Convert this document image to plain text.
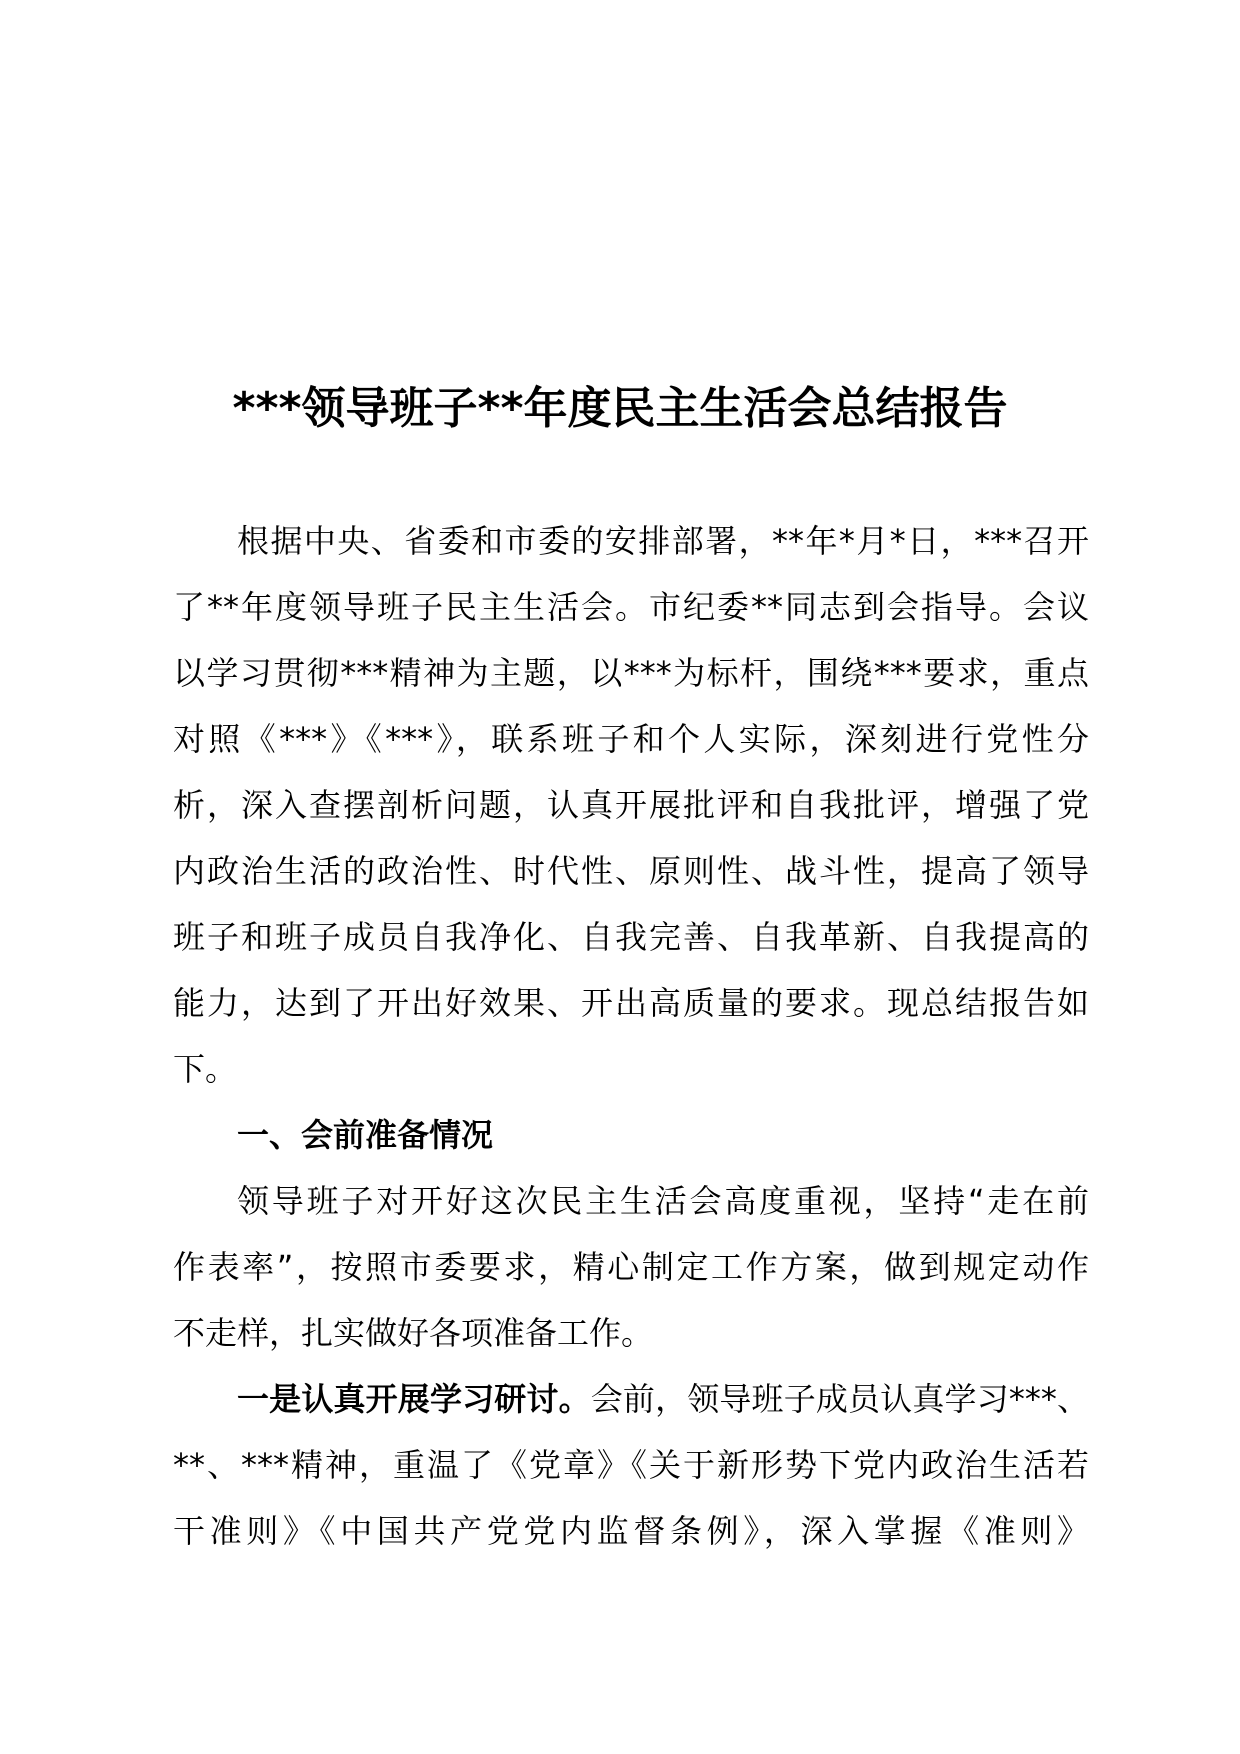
***领导班子**年度民主生活会总结报告
根据中央、省委和市委的安排部署，**年*月*日，***召开
了**年度领导班子民主生活会。市纪委**同志到会指导。会议
以学习贯彻***精神为主题，以***为标杆，围绕***要求，重点
对照《***》《***》，联系班子和个人实际，深刻进行党性分
析，深入查摆剖析问题，认真开展批评和自我批评，增强了党
内政治生活的政治性、时代性、原则性、战斗性，提高了领导
班子和班子成员自我净化、自我完善、自我革新、自我提高的
能力，达到了开出好效果、开出高质量的要求。现总结报告如
下。
一、会前准备情况
领导班子对开好这次民主生活会高度重视，坚持“走在前
作表率”，按照市委要求，精心制定工作方案，做到规定动作
不走样，扎实做好各项准备工作。
一是认真开展学习研讨。会前，领导班子成员认真学习***、
**、***精神，重温了《党章》《关于新形势下党内政治生活若
干准则》《中国共产党党内监督条例》，深入掌握《准则》
